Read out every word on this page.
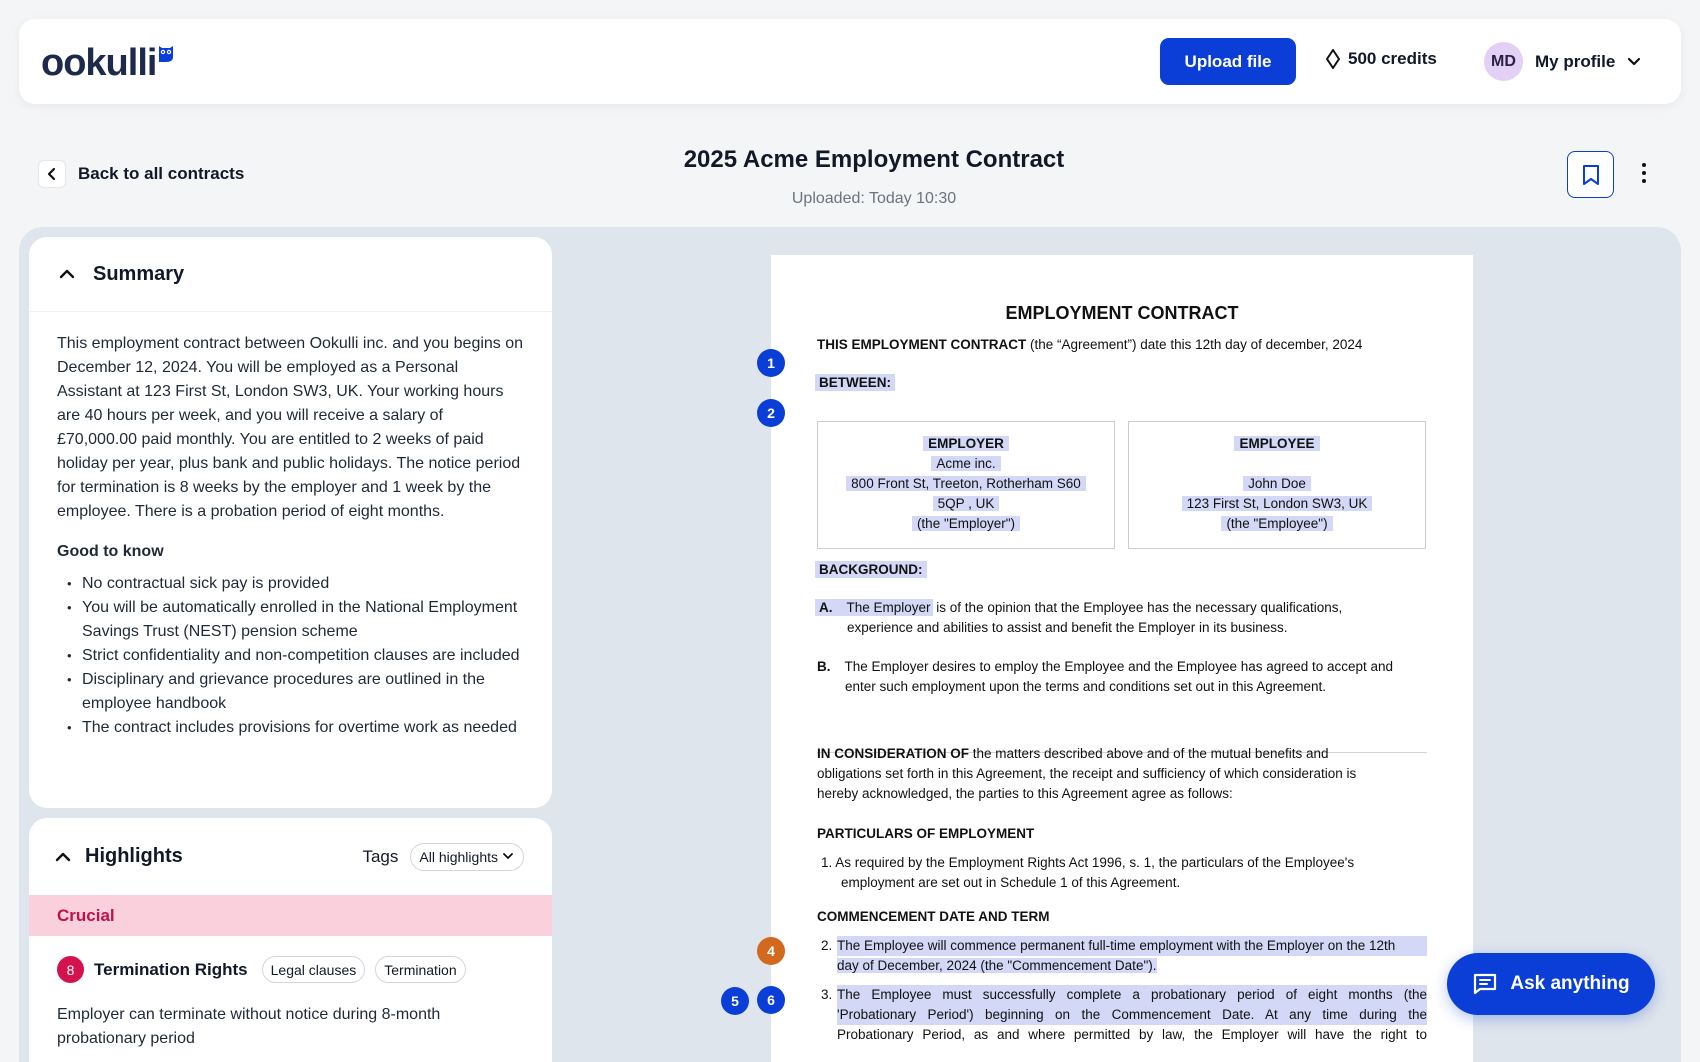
ookulli	Upload file	500 credits	MD	My profile
Back to all contracts
2025 Acme Employment Contract
Uploaded: Today 10:30
Summary

This employment contract between Ookulli inc. and you begins on December 12, 2024. You will be employed as a Personal Assistant at 123 First St, London SW3, UK. Your working hours are 40 hours per week, and you will receive a salary of £70,000.00 paid monthly. You are entitled to 2 weeks of paid holiday per year, plus bank and public holidays. The notice period for termination is 8 weeks by the employer and 1 week by the employee. There is a probation period of eight months.

Good to know
• No contractual sick pay is provided
• You will be automatically enrolled in the National Employment Savings Trust (NEST) pension scheme
• Strict confidentiality and non-competition clauses are included
• Disciplinary and grievance procedures are outlined in the employee handbook
• The contract includes provisions for overtime work as needed
Highlights	Tags All highlights
Crucial
8	Termination Rights	Legal clauses	Termination
Employer can terminate without notice during 8-month probationary period
EMPLOYMENT CONTRACT
THIS EMPLOYMENT CONTRACT (the “Agreement”) date this 12th day of december, 2024
BETWEEN:
EMPLOYER
Acme inc.
800 Front St, Treeton, Rotherham S60
5QP , UK
(the "Employer")
EMPLOYEE

John Doe
123 First St, London SW3, UK
(the "Employee")
BACKGROUND:
A. The Employer is of the opinion that the Employee has the necessary qualifications,
experience and abilities to assist and benefit the Employer in its business.
B. The Employer desires to employ the Employee and the Employee has agreed to accept and
enter such employment upon the terms and conditions set out in this Agreement.
IN CONSIDERATION OF the matters described above and of the mutual benefits and
obligations set forth in this Agreement, the receipt and sufficiency of which consideration is
hereby acknowledged, the parties to this Agreement agree as follows:
PARTICULARS OF EMPLOYMENT
1. As required by the Employment Rights Act 1996, s. 1, the particulars of the Employee's
employment are set out in Schedule 1 of this Agreement.
COMMENCEMENT DATE AND TERM
2. The Employee will commence permanent full-time employment with the Employer on the 12th
day of December, 2024 (the "Commencement Date").
3. The Employee must successfully complete a probationary period of eight months (the
'Probationary Period') beginning on the Commencement Date. At any time during the
Probationary Period, as and where permitted by law, the Employer will have the right to
1
2
4
5	6
Ask anything
